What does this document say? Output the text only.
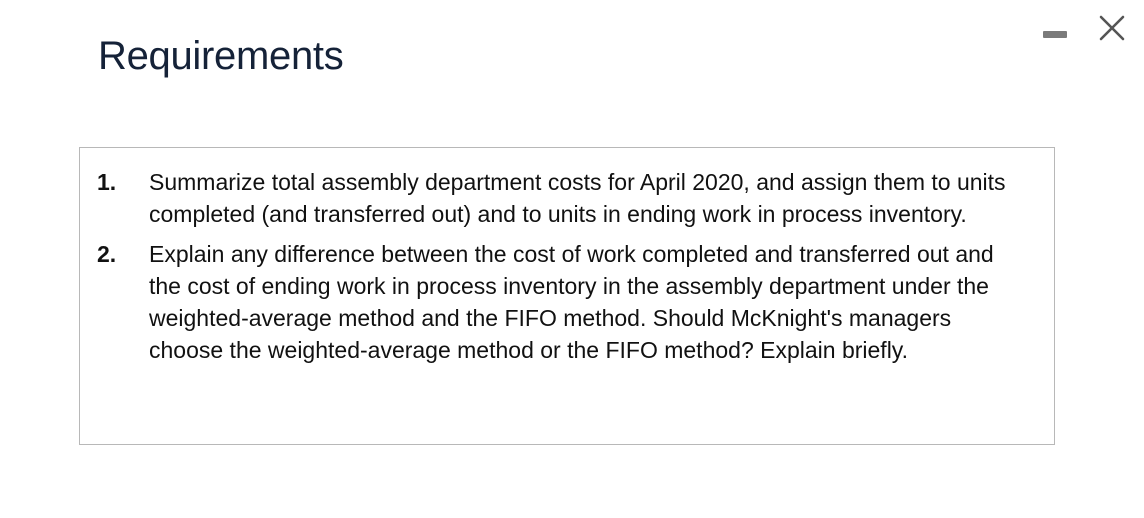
Requirements
1.	Summarize total assembly department costs for April 2020, and assign them to units completed (and transferred out) and to units in ending work in process inventory.
2.	Explain any difference between the cost of work completed and transferred out and the cost of ending work in process inventory in the assembly department under the weighted-average method and the FIFO method. Should McKnight's managers choose the weighted-average method or the FIFO method? Explain briefly.
